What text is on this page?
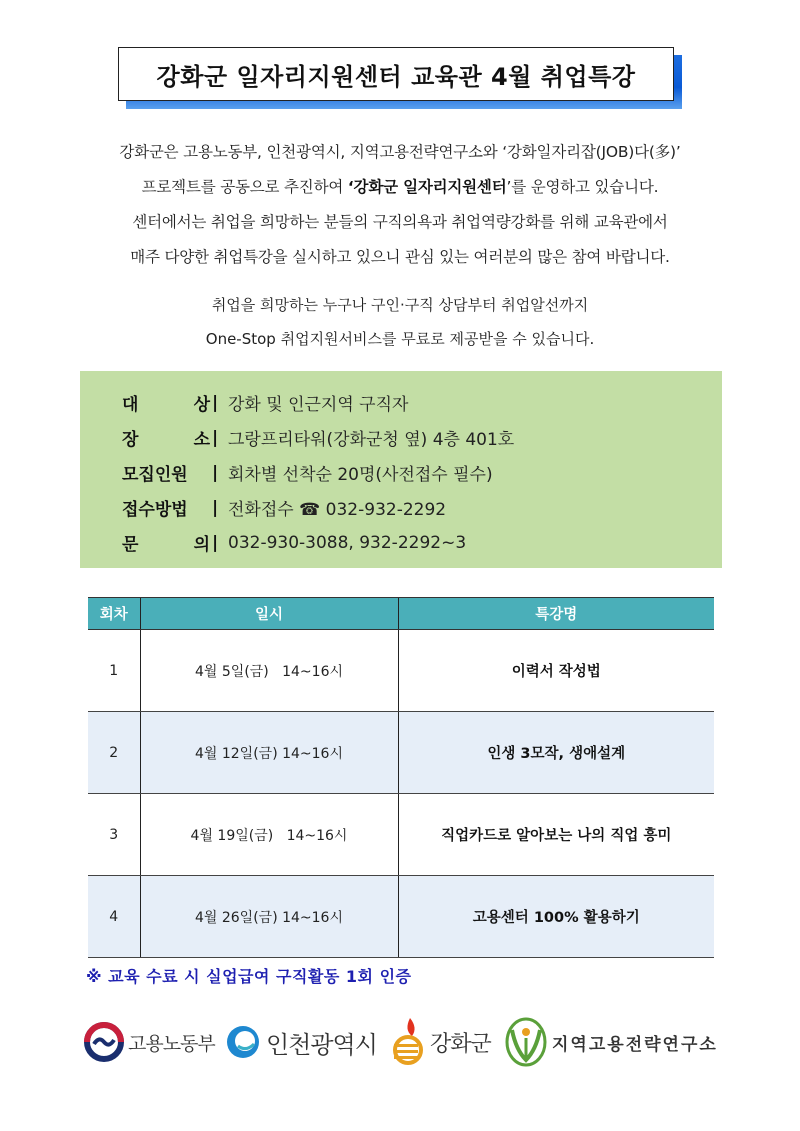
강화군 일자리지원센터 교육관 4월 취업특강
강화군은 고용노동부, 인천광역시, 지역고용전략연구소와 ‘강화일자리잡(JOB)다(多)’
프로젝트를 공동으로 추진하여 ‘강화군 일자리지원센터’를 운영하고 있습니다.
센터에서는 취업을 희망하는 분들의 구직의욕과 취업역량강화를 위해 교육관에서
매주 다양한 취업특강을 실시하고 있으니 관심 있는 여러분의 많은 참여 바랍니다.
취업을 희망하는 누구나 구인·구직 상담부터 취업알선까지
One-Stop 취업지원서비스를 무료로 제공받을 수 있습니다.
대	상 | 강화 및 인근지역 구직자
장	소 | 그랑프리타워(강화군청 옆) 4층 401호
모집인원 | 회차별 선착순 20명(사전접수 필수)
접수방법 | 전화접수 ☎ 032-932-2292
문	의 | 032-930-3088, 932-2292~3
회차	일시	특강명
1	4월 5일(금)   14~16시	이력서 작성법
2	4월 12일(금) 14~16시	인생 3모작, 생애설계
3	4월 19일(금)   14~16시	직업카드로 알아보는 나의 직업 흥미
4	4월 26일(금) 14~16시	고용센터 100% 활용하기
※ 교육 수료 시 실업급여 구직활동 1회 인증
고용노동부 인천광역시 강화군	지역고용전략연구소
